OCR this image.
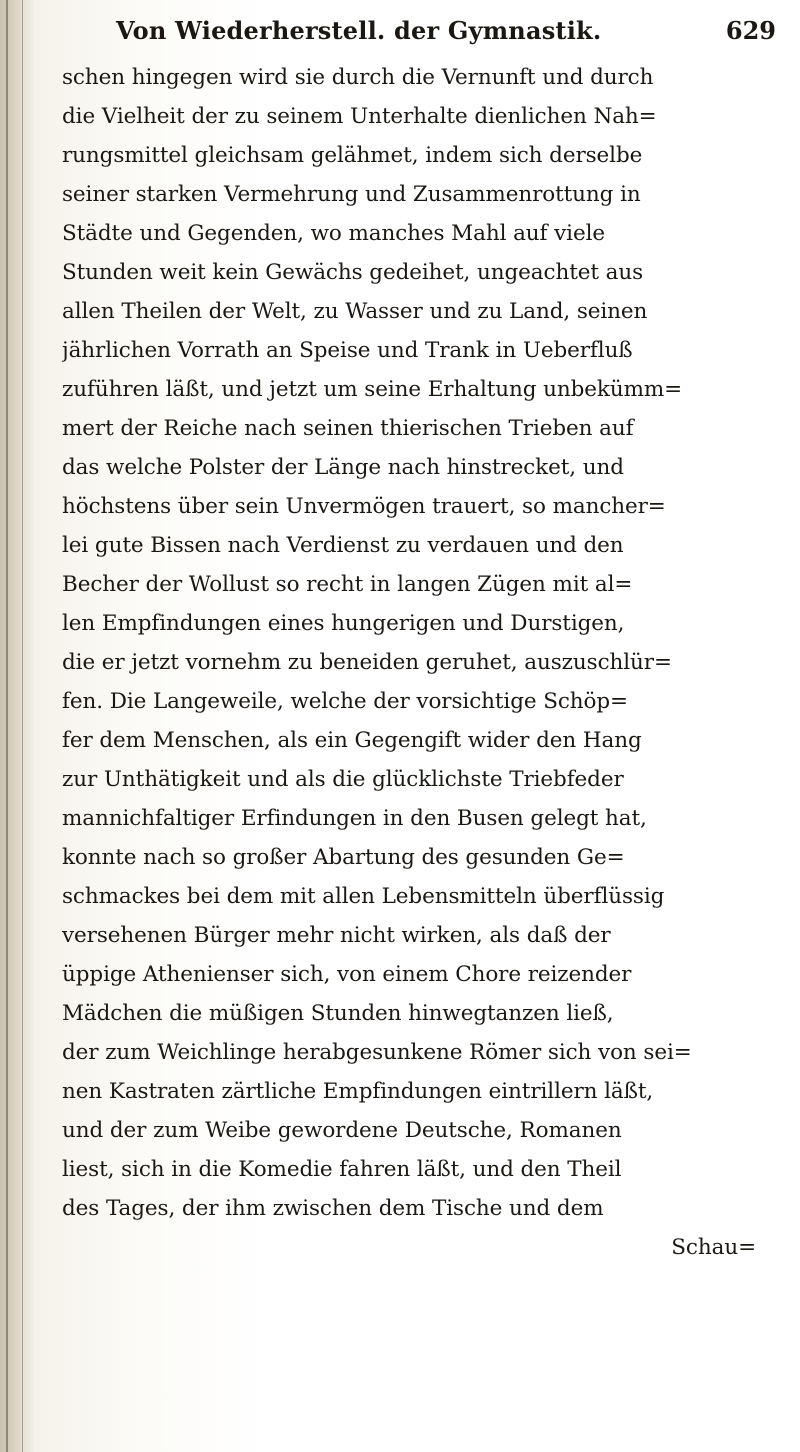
Von Wiederherstell. der Gymnastik.	629
schen hingegen wird sie durch die Vernunft und durch
die Vielheit der zu seinem Unterhalte dienlichen Nah=
rungsmittel gleichsam gelähmet, indem sich derselbe
seiner starken Vermehrung und Zusammenrottung in
Städte und Gegenden, wo manches Mahl auf viele
Stunden weit kein Gewächs gedeihet, ungeachtet aus
allen Theilen der Welt, zu Wasser und zu Land, seinen
jährlichen Vorrath an Speise und Trank in Ueberfluß
zuführen läßt, und jetzt um seine Erhaltung unbekümm=
mert der Reiche nach seinen thierischen Trieben auf
das welche Polster der Länge nach hinstrecket, und
höchstens über sein Unvermögen trauert, so mancher=
lei gute Bissen nach Verdienst zu verdauen und den
Becher der Wollust so recht in langen Zügen mit al=
len Empfindungen eines hungerigen und Durstigen,
die er jetzt vornehm zu beneiden geruhet, auszuschlür=
fen. Die Langeweile, welche der vorsichtige Schöp=
fer dem Menschen, als ein Gegengift wider den Hang
zur Unthätigkeit und als die glücklichste Triebfeder
mannichfaltiger Erfindungen in den Busen gelegt hat,
konnte nach so großer Abartung des gesunden Ge=
schmackes bei dem mit allen Lebensmitteln überflüssig
versehenen Bürger mehr nicht wirken, als daß der
üppige Athenienser sich, von einem Chore reizender
Mädchen die müßigen Stunden hinwegtanzen ließ,
der zum Weichlinge herabgesunkene Römer sich von sei=
nen Kastraten zärtliche Empfindungen eintrillern läßt,
und der zum Weibe gewordene Deutsche, Romanen
liest, sich in die Komedie fahren läßt, und den Theil
des Tages, der ihm zwischen dem Tische und dem
Schau=
